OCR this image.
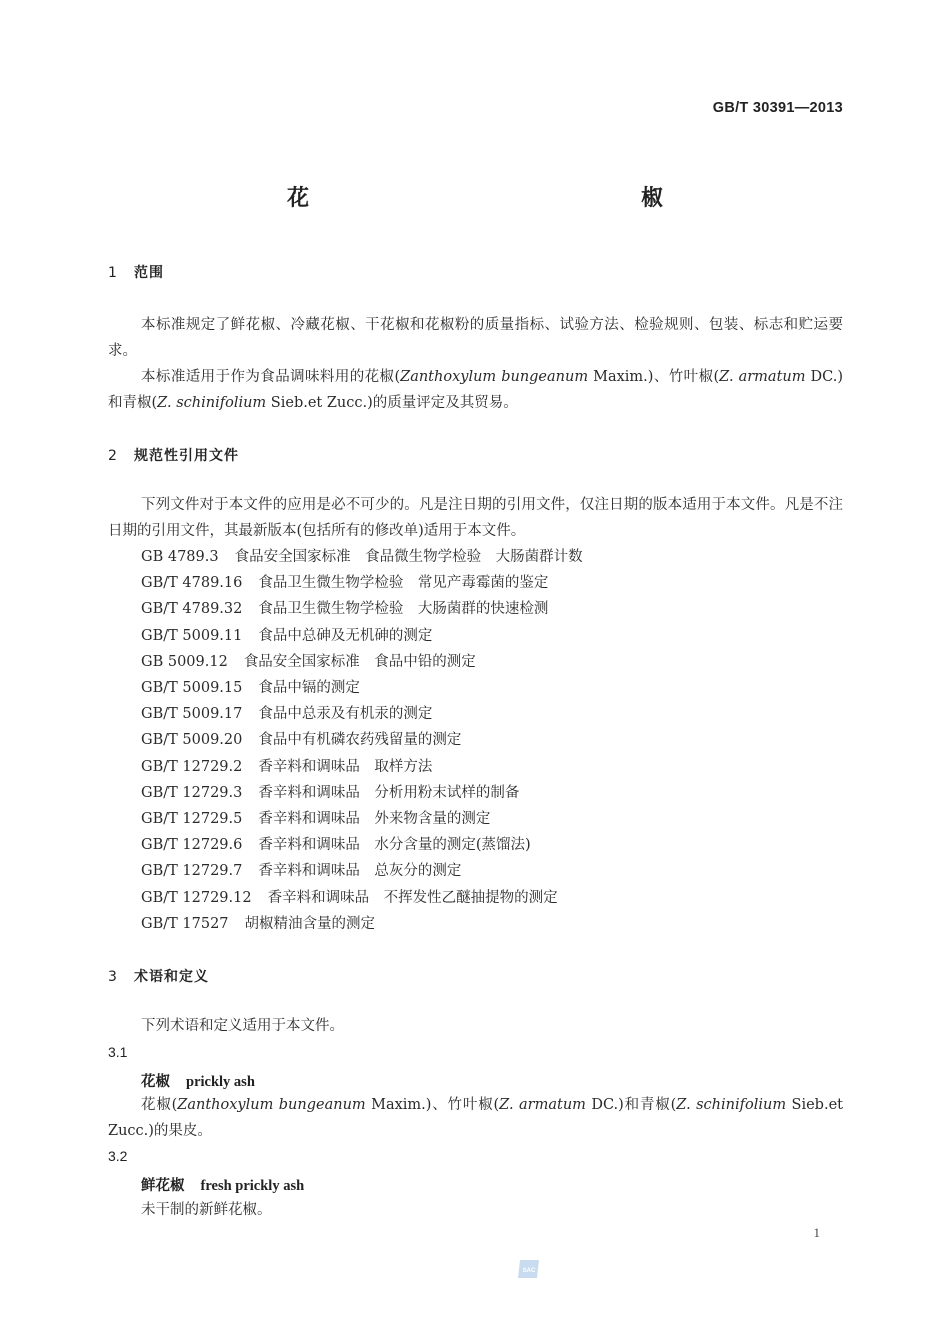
GB/T 30391—2013
花　　椒
1 范围
本标准规定了鲜花椒、冷藏花椒、干花椒和花椒粉的质量指标、试验方法、检验规则、包装、标志和贮运要求。
本标准适用于作为食品调味料用的花椒(Zanthoxylum bungeanum Maxim.)、竹叶椒(Z. armatum DC.)和青椒(Z. schinifolium Sieb.et Zucc.)的质量评定及其贸易。
2 规范性引用文件
下列文件对于本文件的应用是必不可少的。凡是注日期的引用文件，仅注日期的版本适用于本文件。凡是不注日期的引用文件，其最新版本(包括所有的修改单)适用于本文件。
GB 4789.3 食品安全国家标准　食品微生物学检验　大肠菌群计数
GB/T 4789.16 食品卫生微生物学检验　常见产毒霉菌的鉴定
GB/T 4789.32 食品卫生微生物学检验　大肠菌群的快速检测
GB/T 5009.11 食品中总砷及无机砷的测定
GB 5009.12 食品安全国家标准　食品中铅的测定
GB/T 5009.15 食品中镉的测定
GB/T 5009.17 食品中总汞及有机汞的测定
GB/T 5009.20 食品中有机磷农药残留量的测定
GB/T 12729.2 香辛料和调味品　取样方法
GB/T 12729.3 香辛料和调味品　分析用粉末试样的制备
GB/T 12729.5 香辛料和调味品　外来物含量的测定
GB/T 12729.6 香辛料和调味品　水分含量的测定(蒸馏法)
GB/T 12729.7 香辛料和调味品　总灰分的测定
GB/T 12729.12 香辛料和调味品　不挥发性乙醚抽提物的测定
GB/T 17527 胡椒精油含量的测定
3 术语和定义
下列术语和定义适用于本文件。
3.1
花椒 prickly ash
花椒(Zanthoxylum bungeanum Maxim.)、竹叶椒(Z. armatum DC.)和青椒(Z. schinifolium Sieb.et Zucc.)的果皮。
3.2
鲜花椒 fresh prickly ash
未干制的新鲜花椒。
1
SAC
